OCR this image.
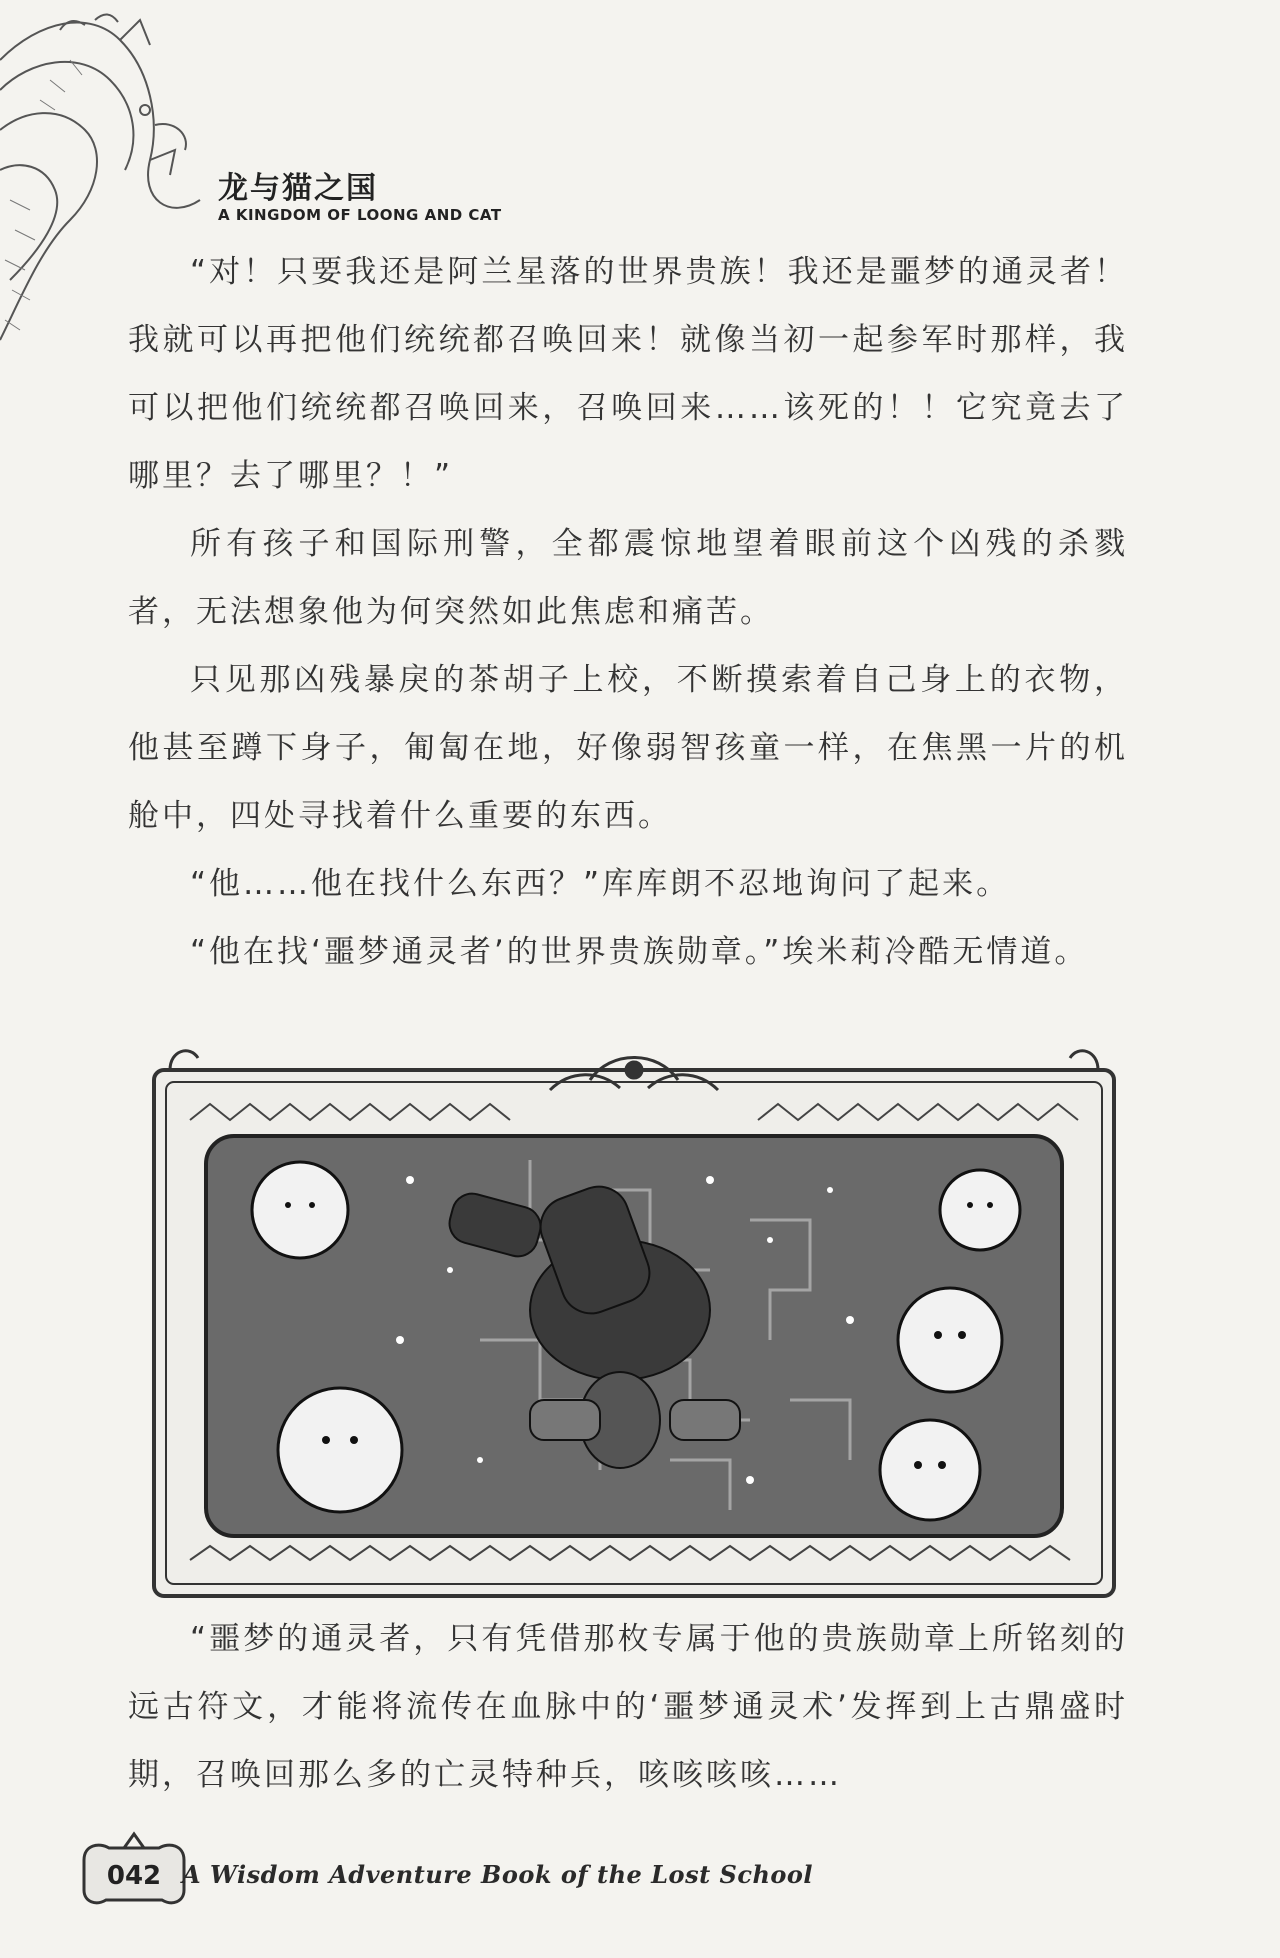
龙与猫之国
A KINGDOM OF LOONG AND CAT

“对！只要我还是阿兰星落的世界贵族！我还是噩梦的通灵者！我就可以再把他们统统都召唤回来！就像当初一起参军时那样，我可以把他们统统都召唤回来，召唤回来……该死的！！它究竟去了哪里？去了哪里？！”

所有孩子和国际刑警，全都震惊地望着眼前这个凶残的杀戮者，无法想象他为何突然如此焦虑和痛苦。

只见那凶残暴戾的茶胡子上校，不断摸索着自己身上的衣物，他甚至蹲下身子，匍匐在地，好像弱智孩童一样，在焦黑一片的机舱中，四处寻找着什么重要的东西。

“他……他在找什么东西？”库库朗不忍地询问了起来。

“他在找‘噩梦通灵者’的世界贵族勋章。”埃米莉冷酷无情道。

“噩梦的通灵者，只有凭借那枚专属于他的贵族勋章上所铭刻的远古符文，才能将流传在血脉中的‘噩梦通灵术’发挥到上古鼎盛时期，召唤回那么多的亡灵特种兵，咳咳咳咳……

042 A Wisdom Adventure Book of the Lost School
